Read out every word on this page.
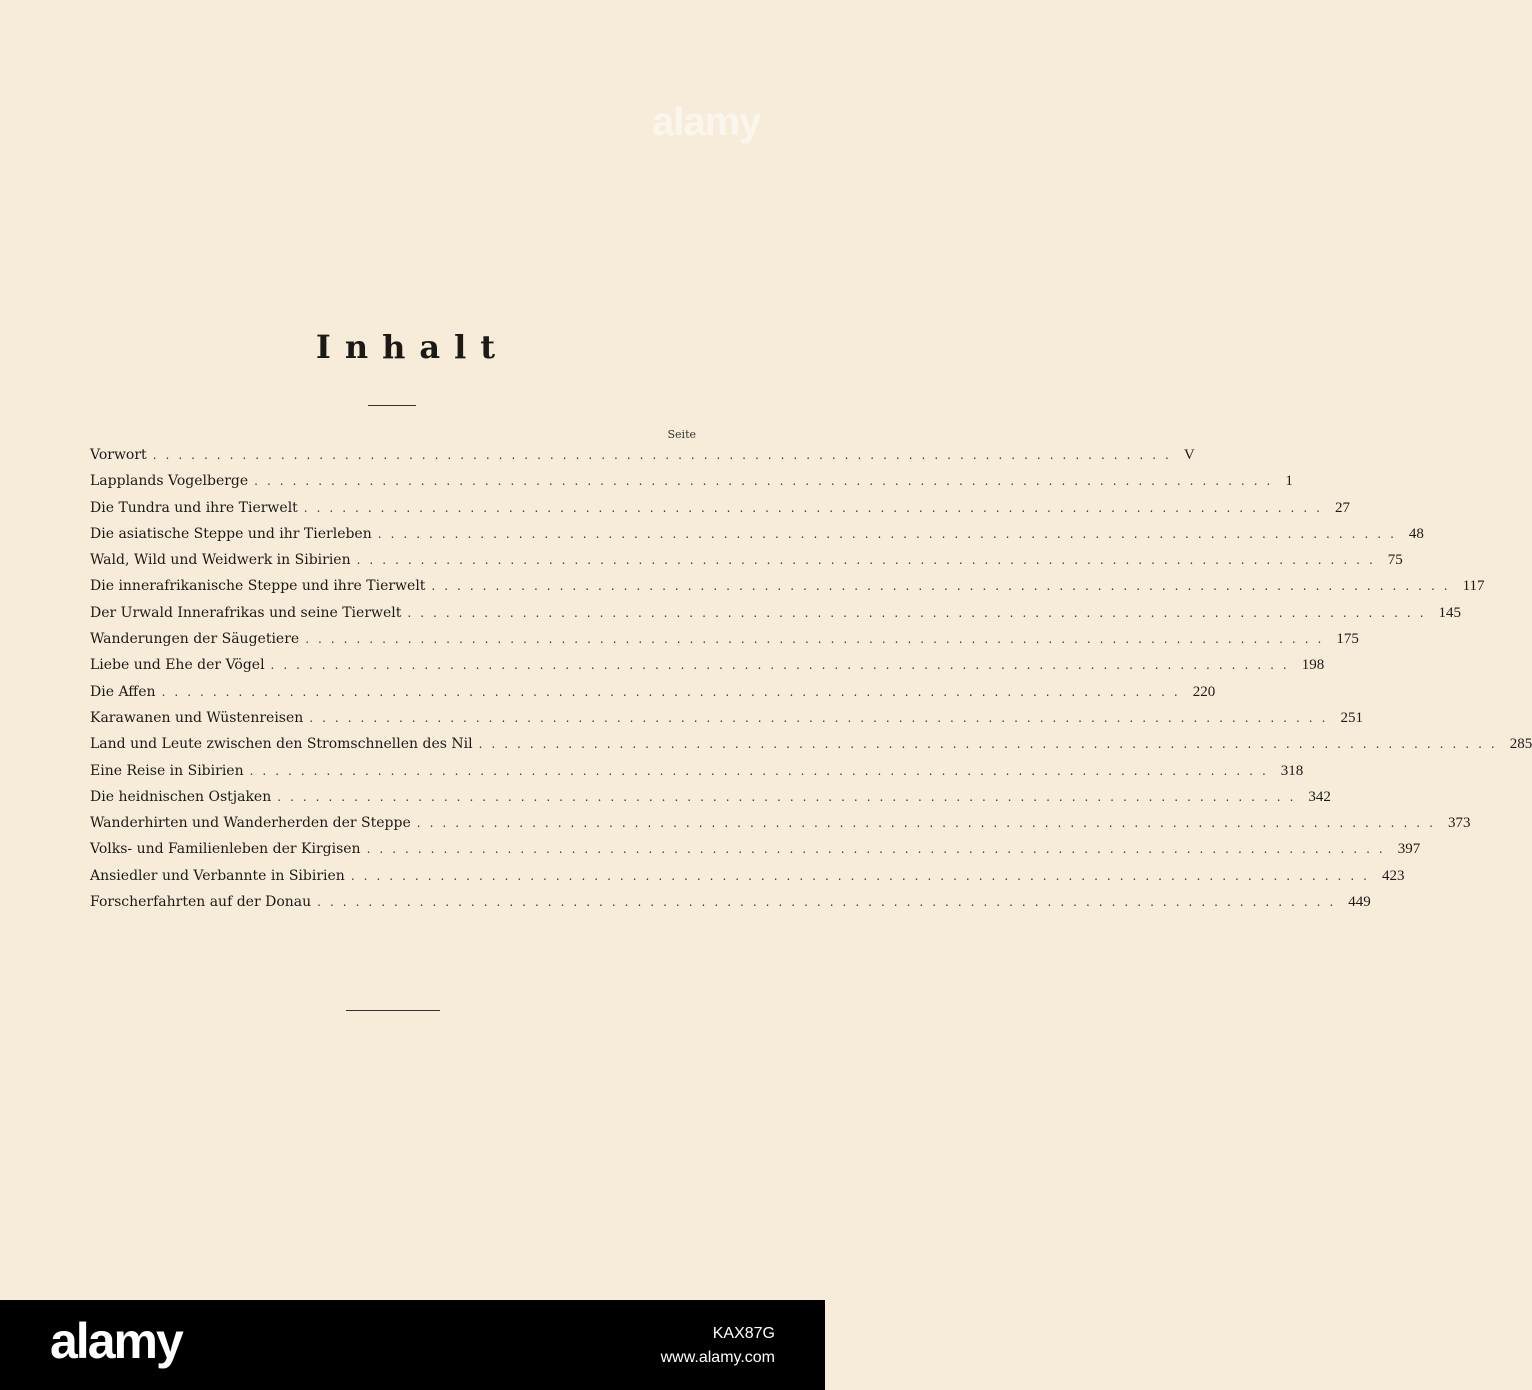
Inhalt
Seite
Vorwort ................................................................................ V
Lapplands Vogelberge ................................................................................ 1
Die Tundra und ihre Tierwelt ................................................................................ 27
Die asiatische Steppe und ihr Tierleben ................................................................................ 48
Wald, Wild und Weidwerk in Sibirien ................................................................................ 75
Die innerafrikanische Steppe und ihre Tierwelt ................................................................................ 117
Der Urwald Innerafrikas und seine Tierwelt ................................................................................ 145
Wanderungen der Säugetiere ................................................................................ 175
Liebe und Ehe der Vögel ................................................................................ 198
Die Affen ................................................................................ 220
Karawanen und Wüstenreisen ................................................................................ 251
Land und Leute zwischen den Stromschnellen des Nil ................................................................................ 285
Eine Reise in Sibirien ................................................................................ 318
Die heidnischen Ostjaken ................................................................................ 342
Wanderhirten und Wanderherden der Steppe ................................................................................ 373
Volks- und Familienleben der Kirgisen ................................................................................ 397
Ansiedler und Verbannte in Sibirien ................................................................................ 423
Forscherfahrten auf der Donau ................................................................................ 449
alamy
alamy	KAX87G
www.alamy.com
